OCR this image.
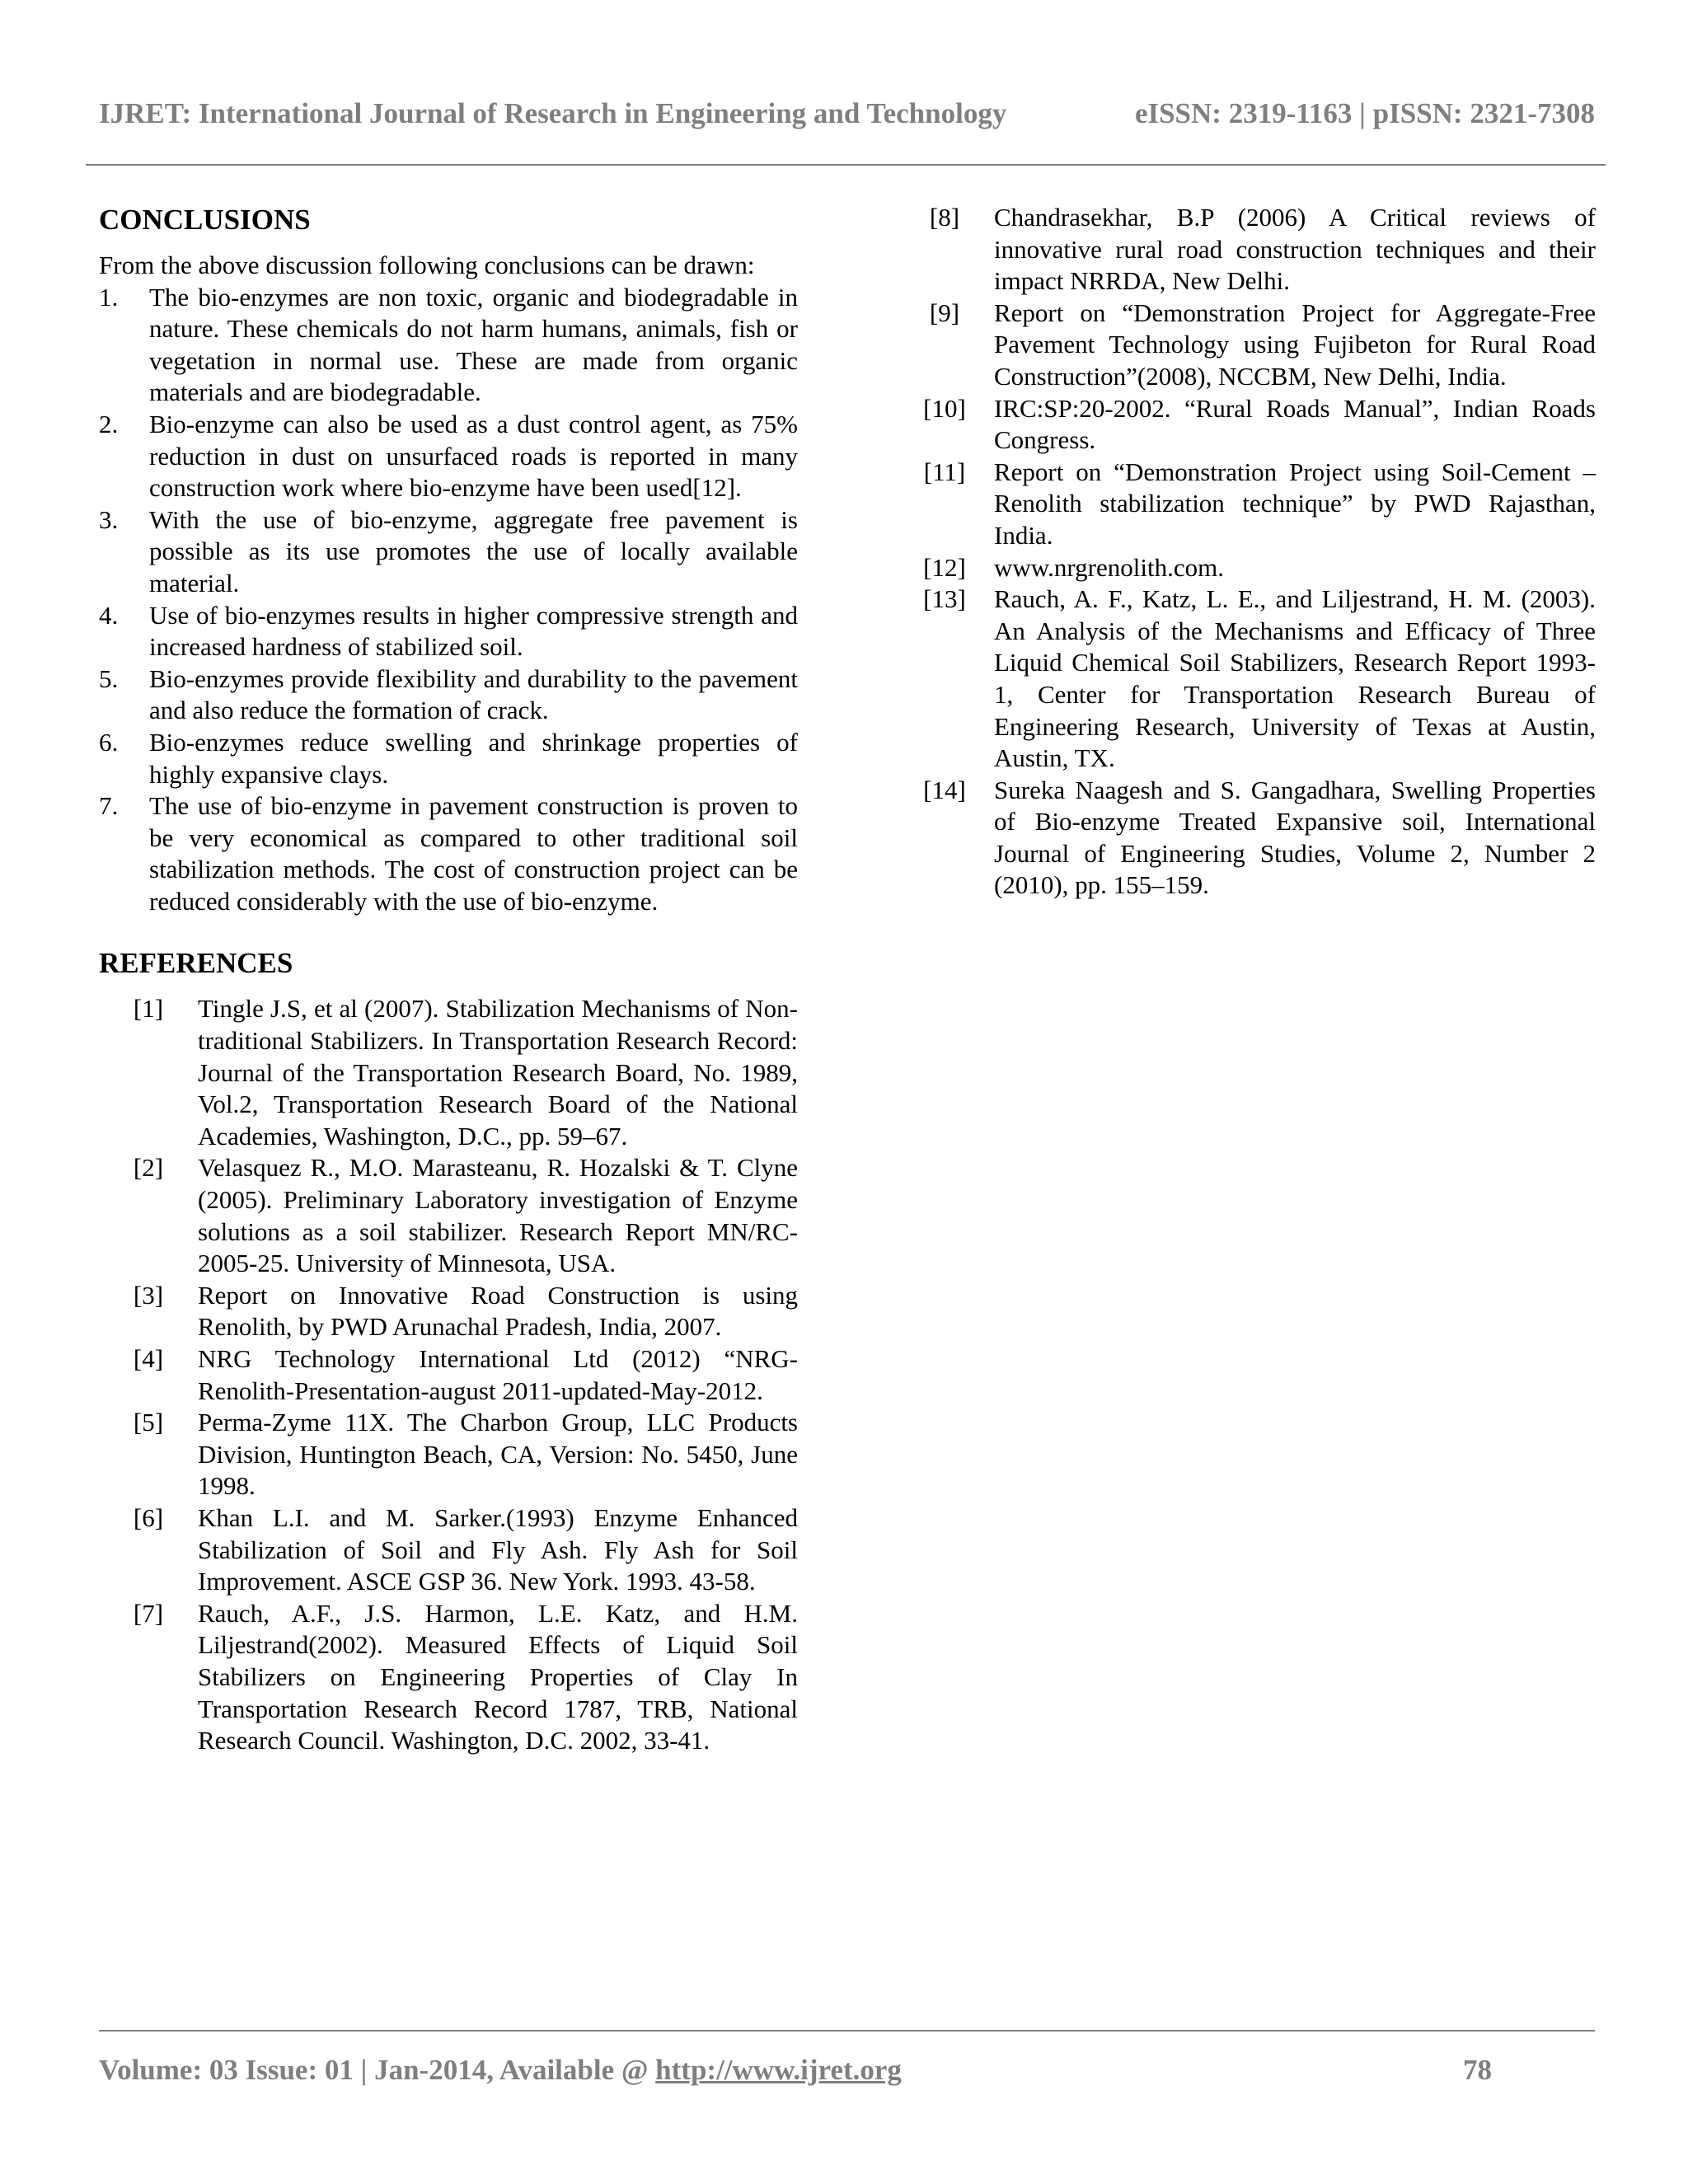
IJRET: International Journal of Research in Engineering and Technology	eISSN: 2319-1163 | pISSN: 2321-7308
CONCLUSIONS

From the above discussion following conclusions can be drawn:

1.	The bio-enzymes are non toxic, organic and biodegradable in nature. These chemicals do not harm humans, animals, fish or vegetation in normal use. These are made from organic materials and are biodegradable.
2.	Bio-enzyme can also be used as a dust control agent, as 75% reduction in dust on unsurfaced roads is reported in many construction work where bio-enzyme have been used[12].
3.	With the use of bio-enzyme, aggregate free pavement is possible as its use promotes the use of locally available material.
4.	Use of bio-enzymes results in higher compressive strength and increased hardness of stabilized soil.
5.	Bio-enzymes provide flexibility and durability to the pavement and also reduce the formation of crack.
6.	Bio-enzymes reduce swelling and shrinkage properties of highly expansive clays.
7.	The use of bio-enzyme in pavement construction is proven to be very economical as compared to other traditional soil stabilization methods. The cost of construction project can be reduced considerably with the use of bio-enzyme.
REFERENCES
[1]	Tingle J.S, et al (2007). Stabilization Mechanisms of Non-traditional Stabilizers. In Transportation Research Record: Journal of the Transportation Research Board, No. 1989, Vol.2, Transportation Research Board of the National Academies, Washington, D.C., pp. 59–67.
[2]	Velasquez R., M.O. Marasteanu, R. Hozalski & T. Clyne (2005). Preliminary Laboratory investigation of Enzyme solutions as a soil stabilizer. Research Report MN/RC-2005-25. University of Minnesota, USA.
[3]	Report on Innovative Road Construction is using Renolith, by PWD Arunachal Pradesh, India, 2007.
[4]	NRG Technology International Ltd (2012) “NRG-Renolith-Presentation-august 2011-updated-May-2012.
[5]	Perma-Zyme 11X. The Charbon Group, LLC Products Division, Huntington Beach, CA, Version: No. 5450, June 1998.
[6]	Khan L.I. and M. Sarker.(1993) Enzyme Enhanced Stabilization of Soil and Fly Ash. Fly Ash for Soil Improvement. ASCE GSP 36. New York. 1993. 43-58.
[7]	Rauch, A.F., J.S. Harmon, L.E. Katz, and H.M. Liljestrand(2002). Measured Effects of Liquid Soil Stabilizers on Engineering Properties of Clay In Transportation Research Record 1787, TRB, National Research Council. Washington, D.C. 2002, 33-41.
[8]	Chandrasekhar, B.P (2006) A Critical reviews of innovative rural road construction techniques and their impact NRRDA, New Delhi.
[9]	Report on “Demonstration Project for Aggregate-Free Pavement Technology using Fujibeton for Rural Road Construction”(2008), NCCBM, New Delhi, India.
[10]	IRC:SP:20-2002. “Rural Roads Manual”, Indian Roads Congress.
[11]	Report on “Demonstration Project using Soil-Cement – Renolith stabilization technique” by PWD Rajasthan, India.
[12]	www.nrgrenolith.com.
[13]	Rauch, A. F., Katz, L. E., and Liljestrand, H. M. (2003). An Analysis of the Mechanisms and Efficacy of Three Liquid Chemical Soil Stabilizers, Research Report 1993-1, Center for Transportation Research Bureau of Engineering Research, University of Texas at Austin, Austin, TX.
[14]	Sureka Naagesh and S. Gangadhara, Swelling Properties of Bio-enzyme Treated Expansive soil, International Journal of Engineering Studies, Volume 2, Number 2 (2010), pp. 155–159.
Volume: 03 Issue: 01 | Jan-2014, Available @ http://www.ijret.org	78
